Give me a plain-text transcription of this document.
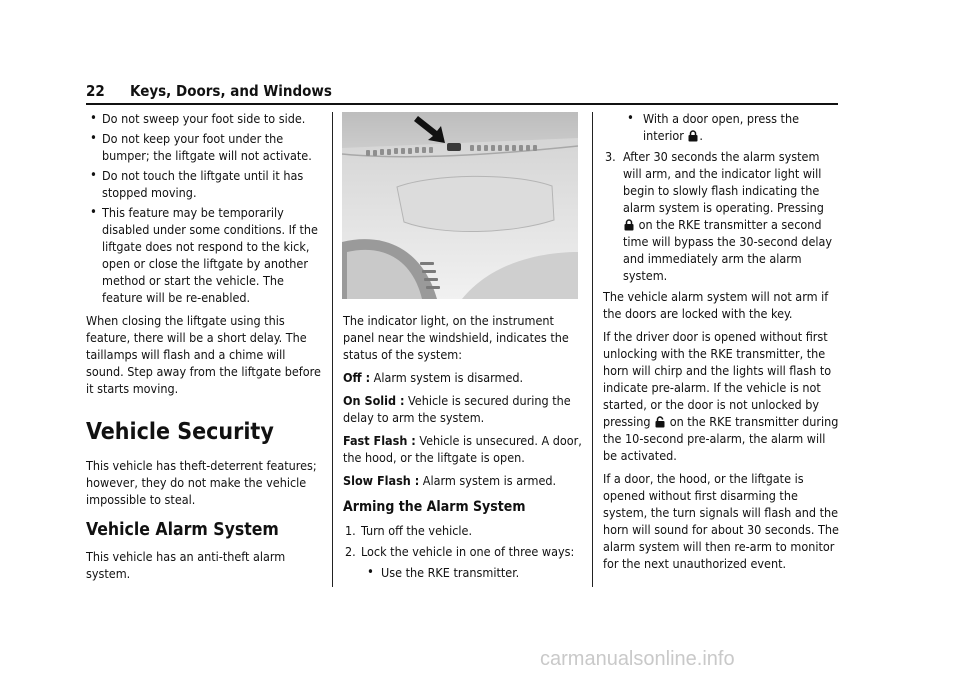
22 Keys, Doors, and Windows
• Do not sweep your foot side to side.
• Do not keep your foot under the bumper; the liftgate will not activate.
• Do not touch the liftgate until it has stopped moving.
• This feature may be temporarily disabled under some conditions. If the liftgate does not respond to the kick, open or close the liftgate by another method or start the vehicle. The feature will be re-enabled.

When closing the liftgate using this feature, there will be a short delay. The taillamps will flash and a chime will sound. Step away from the liftgate before it starts moving.

Vehicle Security

This vehicle has theft-deterrent features; however, they do not make the vehicle impossible to steal.

Vehicle Alarm System

This vehicle has an anti-theft alarm system.

The indicator light, on the instrument panel near the windshield, indicates the status of the system:

Off : Alarm system is disarmed.

On Solid : Vehicle is secured during the delay to arm the system.

Fast Flash : Vehicle is unsecured. A door, the hood, or the liftgate is open.

Slow Flash : Alarm system is armed.

Arming the Alarm System
1. Turn off the vehicle.
2. Lock the vehicle in one of three ways:
• Use the RKE transmitter.
• With a door open, press the interior .
3. After 30 seconds the alarm system will arm, and the indicator light will begin to slowly flash indicating the alarm system is operating. Pressing  on the RKE transmitter a second time will bypass the 30-second delay and immediately arm the alarm system.

The vehicle alarm system will not arm if the doors are locked with the key.

If the driver door is opened without first unlocking with the RKE transmitter, the horn will chirp and the lights will flash to indicate pre-alarm. If the vehicle is not started, or the door is not unlocked by pressing on the RKE transmitter during the 10-second pre-alarm, the alarm will be activated.

If a door, the hood, or the liftgate is opened without first disarming the system, the turn signals will flash and the horn will sound for about 30 seconds. The alarm system will then re-arm to monitor for the next unauthorized event.

carmanualsonline.info
